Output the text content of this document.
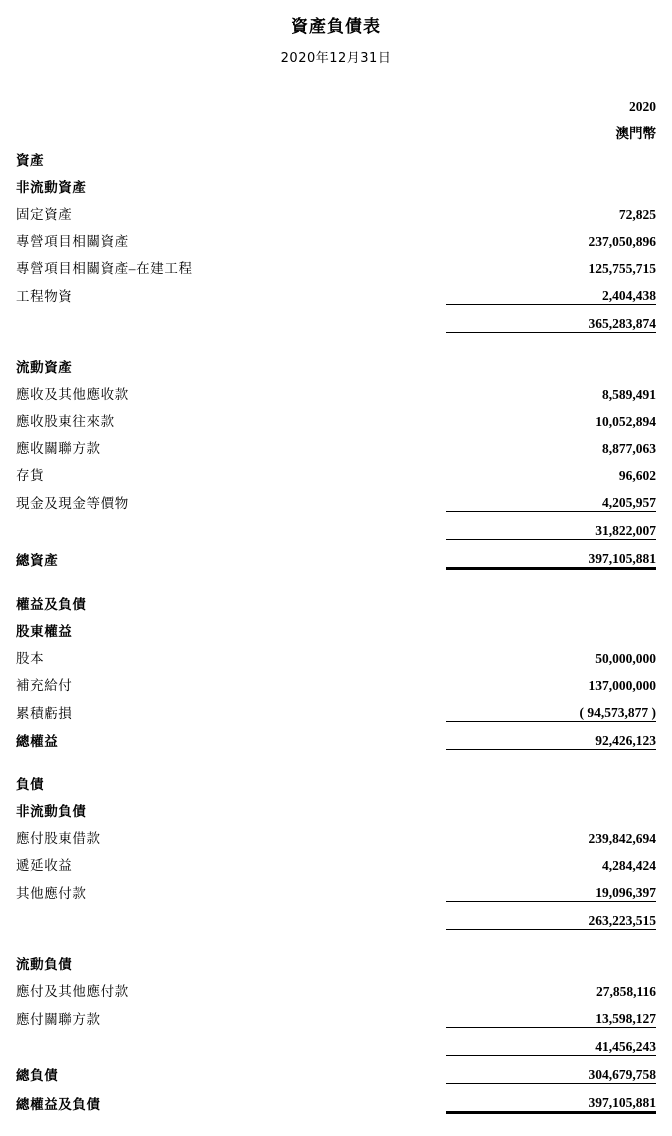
資產負債表
2020年12月31日
	2020
	澳門幣
資產	
非流動資產	
固定資產	72,825
專營項目相關資產	237,050,896
專營項目相關資產–在建工程	125,755,715
工程物資	2,404,438
	365,283,874

流動資產	
應收及其他應收款	8,589,491
應收股東往來款	10,052,894
應收關聯方款	8,877,063
存貨	96,602
現金及現金等價物	4,205,957
	31,822,007
總資產	397,105,881

權益及負債	
股東權益	
股本	50,000,000
補充給付	137,000,000
累積虧損	( 94,573,877 )
總權益	92,426,123

負債	
非流動負債	
應付股東借款	239,842,694
遞延收益	4,284,424
其他應付款	19,096,397
	263,223,515

流動負債	
應付及其他應付款	27,858,116
應付關聯方款	13,598,127
	41,456,243
總負債	304,679,758
總權益及負債	397,105,881
